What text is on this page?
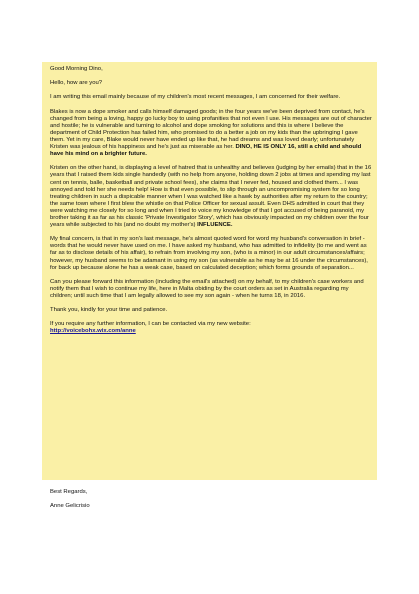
Good Morning Dino,

Hello, how are you?

I am writing this email mainly because of my children's most recent messages, I am concerned for their welfare.

Blakes is now a dope smoker and calls himself damaged goods; in the four years we've been deprived from contact, he's changed from being a loving, happy go lucky boy to using profanities that not even I use. His messages are out of character and hostile; he is vulnerable and turning to alcohol and dope smoking for solutions and this is where I believe the department of Child Protection has failed him, who promised to do a better a job on my kids than the upbringing I gave them. Yet in my care, Blake would never have ended up like that, he had dreams and was loved dearly; unfortunately Kristen was jealous of his happiness and he's just as miserable as her. DINO, HE IS ONLY 16, still a child and should have his mind on a brighter future.

Kristen on the other hand, is displaying a level of hatred that is unhealthy and believes (judging by her emails) that in the 16 years that I raised them kids single handedly (with no help from anyone, holding down 2 jobs at times and spending my last cent on tennis, balle, basketball and private school fees), she claims that I never fed, housed and clothed them... I was annoyed and told her she needs help! How is that even possible, to slip through an uncompromising system for so long treating children in such a dispicable manner when I was watched like a hawk by authorities after my return to the country; the same town where I first blew the whistle on that Police Officer for sexual assult. Even DHS admitted in court that they were watching me closely for so long and when I tried to voice my knowledge of that I got accused of being paranoid, my brother taking it as far as his classic 'Private Investigator Story', which has obviously impacted on my children over the four years while subjected to his (and no doubt my mother's) INFLUENCE.

My final concern, is that in my son's last message, he's almost quoted word for word my husband's conversation in brief - words that he would never have used on me. I have asked my husband, who has admitted to infidelity (to me and went as far as to disclose details of his affair), to refrain from involving my son, (who is a minor) in our adult circumstances/affairs; however, my husband seems to be adamant in using my son (as vulnerable as he may be at 16 under the circumstances), for back up because alone he has a weak case, based on calculated deception; which forms grounds of separation...

Can you please forward this information (including the email's attached) on my behalf, to my children's case workers and notify them that I wish to continue my life, here in Malta obiding by the court orders as set in Australia regarding my children; until such time that I am legally allowed to see my son again - when he turns 18, in 2016.

Thank you, kindly for your time and patience.

If you require any further information, I can be contacted via my new website:
http://voicebohx.wix.com/anne

Best Regards,

Anne Gelicrisio
